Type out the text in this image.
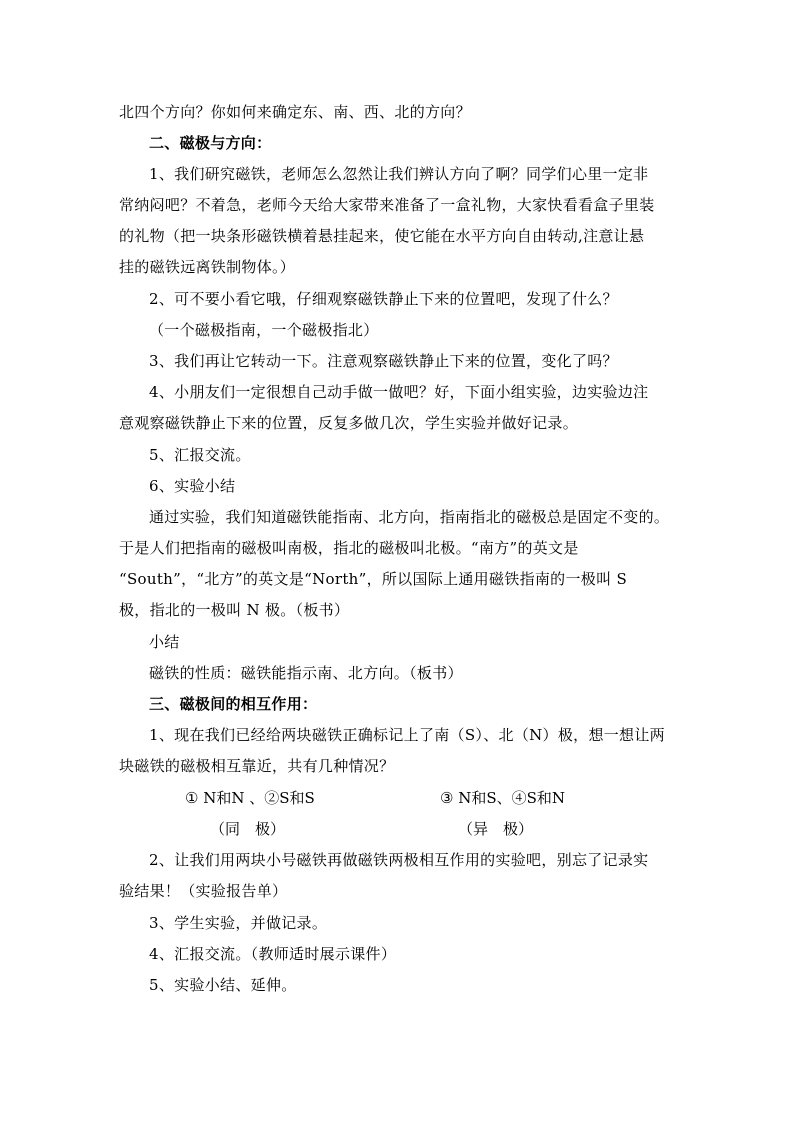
北四个方向？你如何来确定东、南、西、北的方向？
二、磁极与方向：
1、我们研究磁铁，老师怎么忽然让我们辨认方向了啊？同学们心里一定非
常纳闷吧？不着急，老师今天给大家带来准备了一盒礼物，大家快看看盒子里装
的礼物（把一块条形磁铁横着悬挂起来，使它能在水平方向自由转动,注意让悬
挂的磁铁远离铁制物体。）
2、可不要小看它哦，仔细观察磁铁静止下来的位置吧，发现了什么？
（一个磁极指南，一个磁极指北）
3、我们再让它转动一下。注意观察磁铁静止下来的位置，变化了吗？
4、小朋友们一定很想自己动手做一做吧？好，下面小组实验，边实验边注
意观察磁铁静止下来的位置，反复多做几次，学生实验并做好记录。
5、汇报交流。
6、实验小结
通过实验，我们知道磁铁能指南、北方向，指南指北的磁极总是固定不变的。
于是人们把指南的磁极叫南极，指北的磁极叫北极。“南方”的英文是
“South”，“北方”的英文是“North”，所以国际上通用磁铁指南的一极叫 S
极，指北的一极叫 N 极。（板书）
小结
磁铁的性质：磁铁能指示南、北方向。（板书）
三、磁极间的相互作用：
1、现在我们已经给两块磁铁正确标记上了南（S）、北（N）极，想一想让两
块磁铁的磁极相互靠近，共有几种情况？
① N和N 、②S和S	③ N和S、④S和N
（同　极）	（异　极）
2、让我们用两块小号磁铁再做磁铁两极相互作用的实验吧，别忘了记录实
验结果！（实验报告单）
3、学生实验，并做记录。
4、汇报交流。（教师适时展示课件）
5、实验小结、延伸。
